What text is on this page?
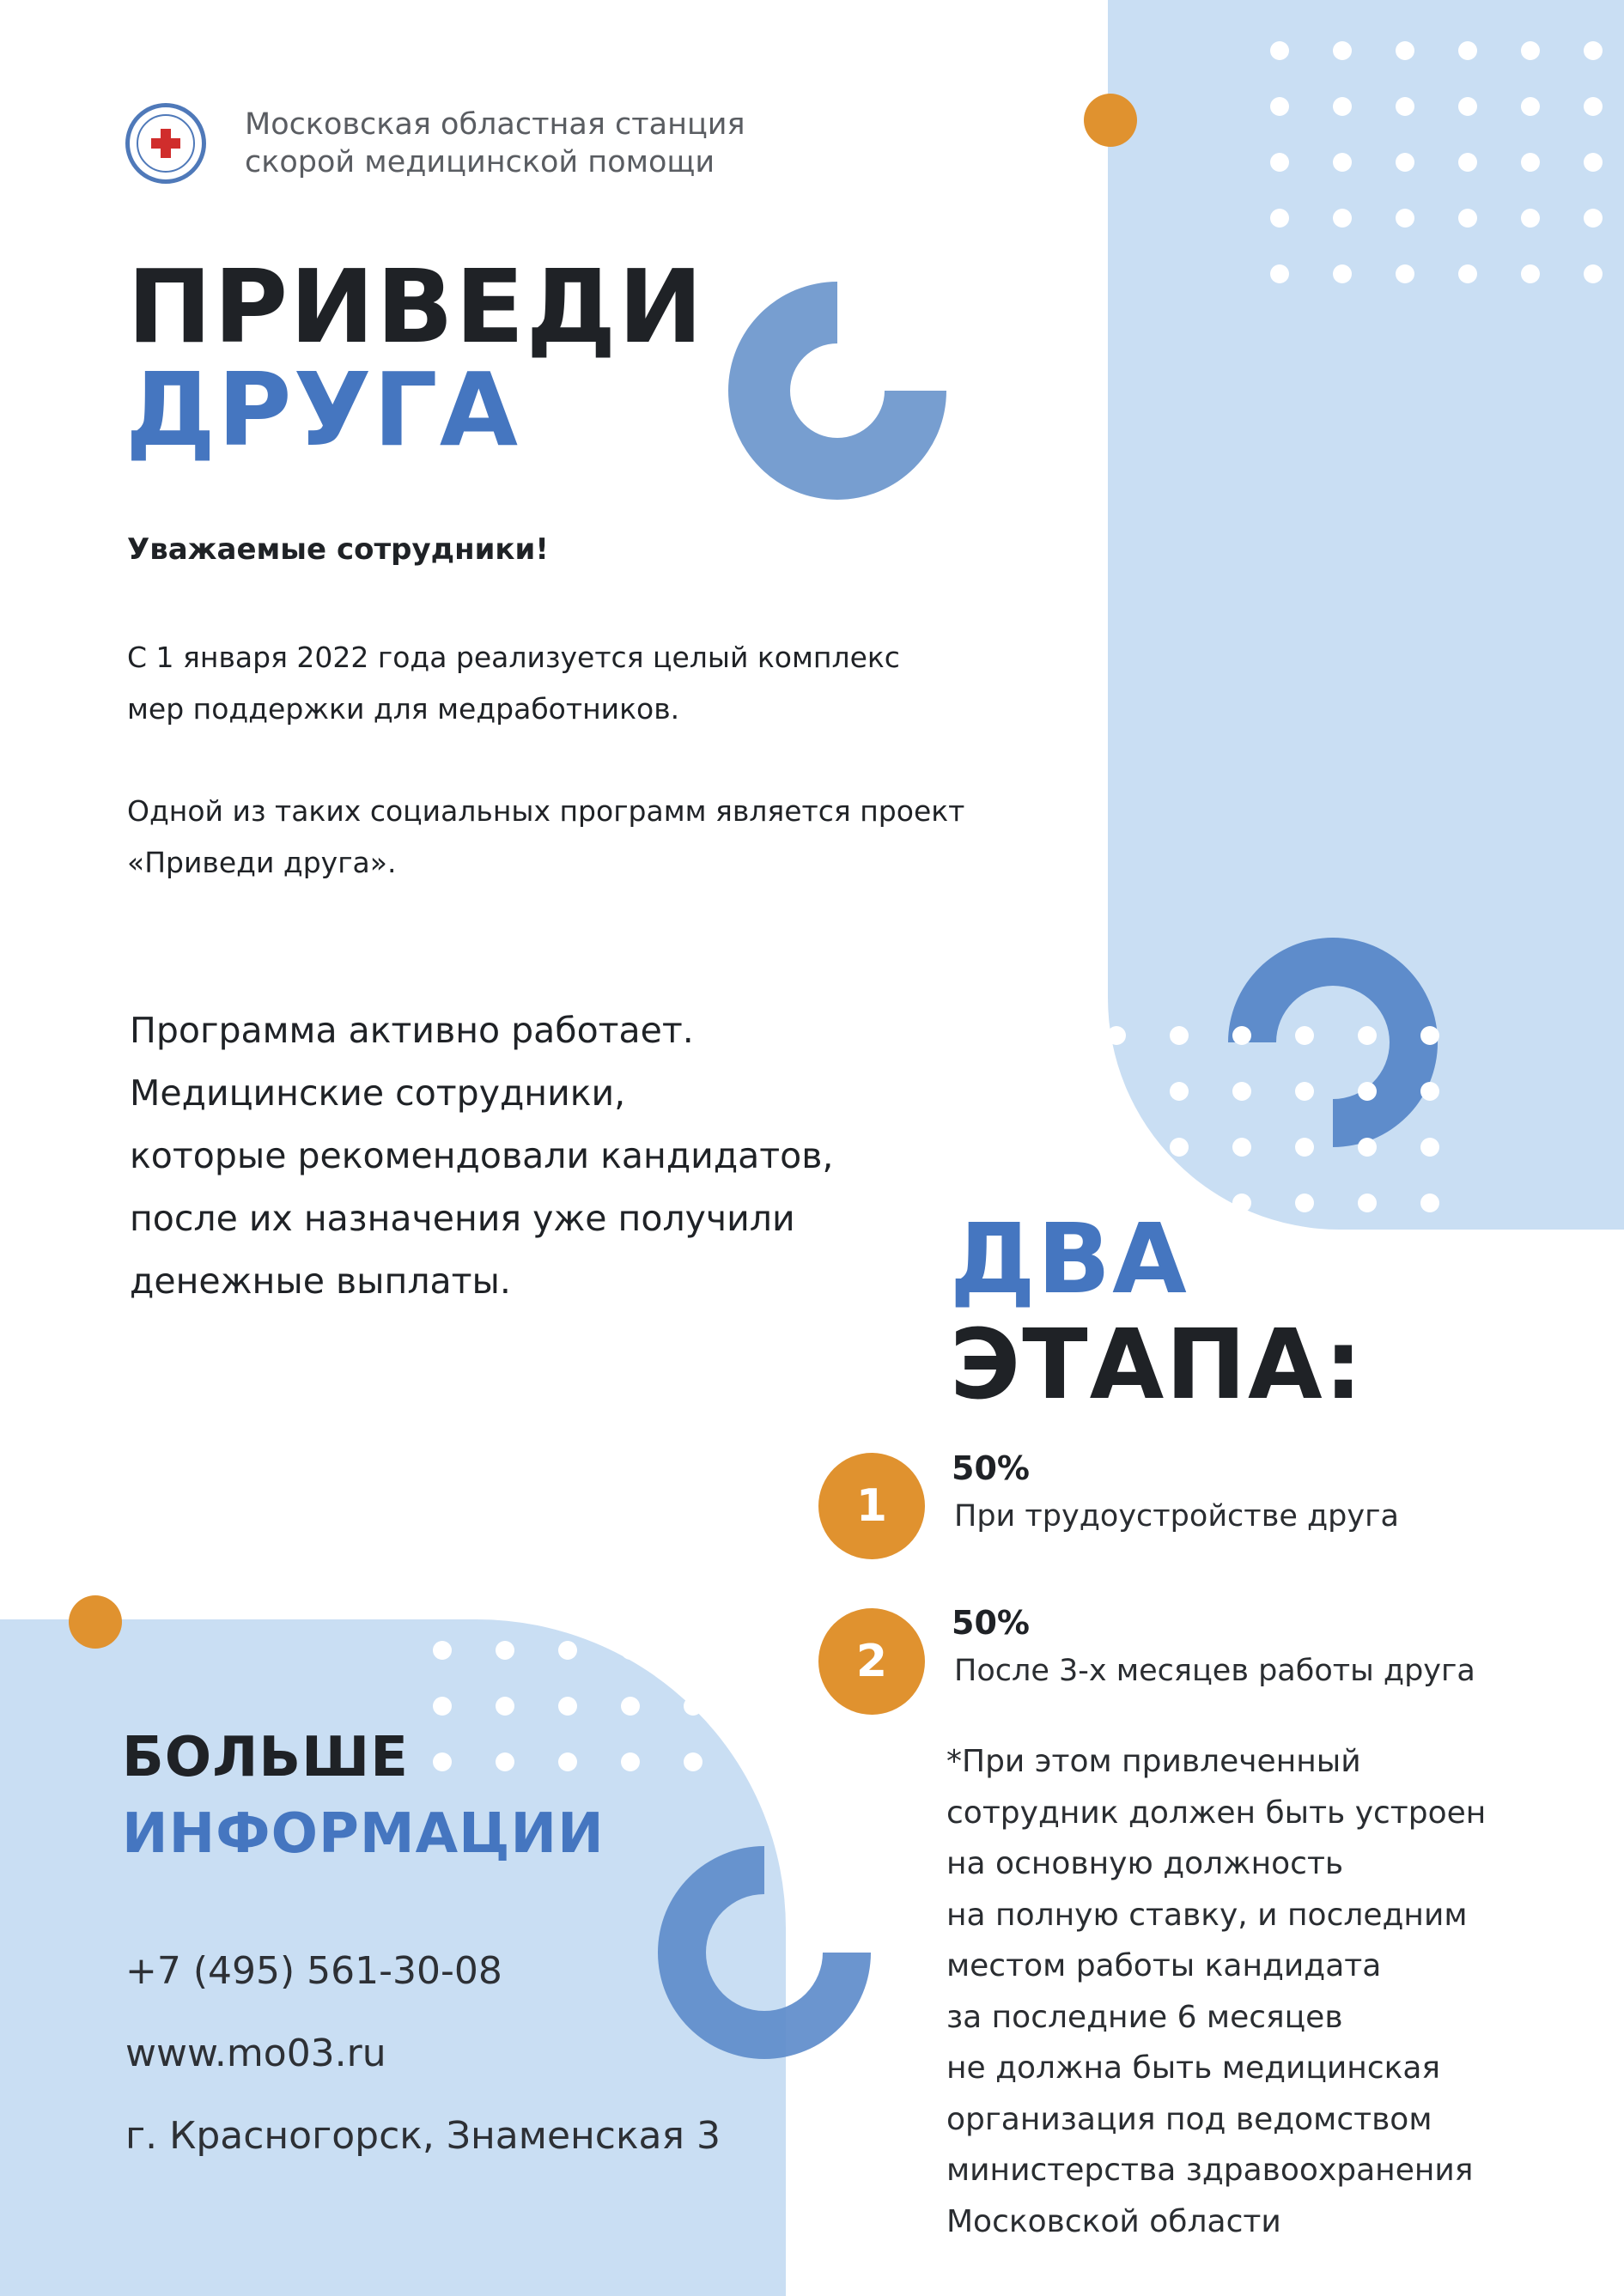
Московская областная станция
скорой медицинской помощи
ПРИВЕДИ
ДРУГА
Уважаемые сотрудники!
С 1 января 2022 года реализуется целый комплекс
мер поддержки для медработников.
Одной из таких социальных программ является проект
«Приведи друга».
Программа активно работает.
Медицинские сотрудники,
которые рекомендовали кандидатов,
после их назначения уже получили
денежные выплаты.	ДВА
ЭТАПА:
1
50%
При трудоустройстве друга
2
50%
После 3-х месяцев работы друга
*При этом привлеченный
сотрудник должен быть устроен
на основную должность
на полную ставку, и последним
местом работы кандидата
за последние 6 месяцев
не должна быть медицинская
организация под ведомством
министерства здравоохранения
Московской области
БОЛЬШЕ
ИНФОРМАЦИИ
+7 (495) 561-30-08
www.mo03.ru
г. Красногорск, Знаменская 3
